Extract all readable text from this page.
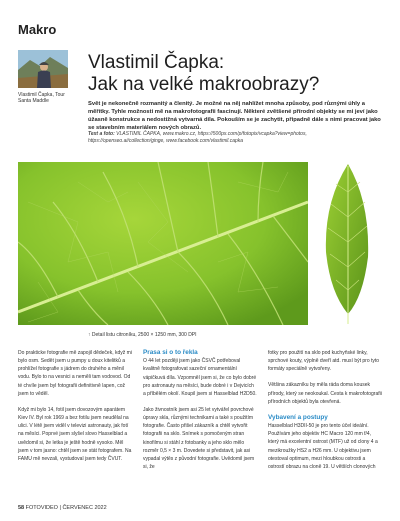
Makro
Vlastimil Čapka, Tour Santa Maddle
Vlastimil Čapka:
Jak na velké makroobrazy?
Svět je nekonečně rozmanitý a členitý. Je možné na něj nahlížet mnoha způsoby, pod různými úhly a měřítky. Tyhle možnosti mě na makrofotografii fascinují. Některé zvětšené přírodní objekty se mi jeví jako úžasně konstrukce a nedostižná vytvarná díla. Pokouším se je zachytit, připadně dále s nimi pracovat jako se stavebním materiálem nových obrazů.
Text a foto: VLASTIMIL ČAPKA, www.makro.cz, https://500px.com/p/fotopix/vcapka?view=photos, https://openseo.ai/collection/ginge, www.facebook.com/vlastimil.capka
↑ Detail listu citroníku, 2500 × 1250 mm, 300 DPI

Do prakticke fotografie mě zapojil dědeček, když mi bylo osm. Sedět jsem u pumpy u doux kitelitků a prohlížel fotografie s jádrem do druhého a měnil vodu. Bylo to na vesnici a neměli tam vodovod. Od té chvíle jsem byl fotografii definitivně lapen, což jsem to věděl.

Když mi bylo 14, fotil jsem dovozovým aparátem Kiev IV. Byl rok 1969 a bez fotilu jsem neudělal na ulici. V létě jsem viděl v televizi astronauty, jak fotí na měsíci. Poprvé jsem slyšel slovo Hasselblad a uvědomil si, že letka je ještě hodně vysoko. Měl jsem v tom jasno: chtěl jsem se stát fotografem. Na FAMU mě nevzali, vystudoval jsem tedy ČVUT.

Prasa si o to řekla

O 44 let později jsem jako ČSVČ potřeboval kvalitně fotografovat sazeční ornamentální vápičkuvá díla. Vzpomněl jsem si, že co bylo dobré pro astronauty na měsíci, bude dobré i v Dejvicích a příbělém okolí. Koupil jsem si Hasselblad H2D50.

Jako živnostník jsem asi 25 let vytvářel povrchové úpravy skla, různými technikami a také s použitím fotografie. Často přišel zákazník a chtěl vytvořit fotografii na sklo. Snímek s pomočeným stran kinofilmu si stáhl z fotobanky a jeho sklo mělo rozměr 0,5 × 3 m. Dovedete si představit, jak asi vypadal výtěs z původní fotografie. Uvědomil jsem si, že

fotky pro použití na sklo pod kuchyňské linky, sprchové kouty, výplně dveří atd. musí být pro tyto formáty speciálně vytvořeny.

Většina zákazníku by měla ráda doma kousek přírody, který se neokoukal. Cesta k makrofotografii přírodních objektů byla otevřená.

Vybavení a postupy

Hasselblad H3DII-50 je pro tento účel ideální. Používám jeho objektiv HC Macro 120 mm f/4, který má excelentní ostrost (MTF) už od clony 4 a mezikroužky HS2 a H26 mm. U objektivu jsem otestoval optimum, mezi hloubkou ostrosti a ostrostí obrazu na cloně 19. U větších clonových

58 FOTOVIDEO | ČERVENEC 2022
